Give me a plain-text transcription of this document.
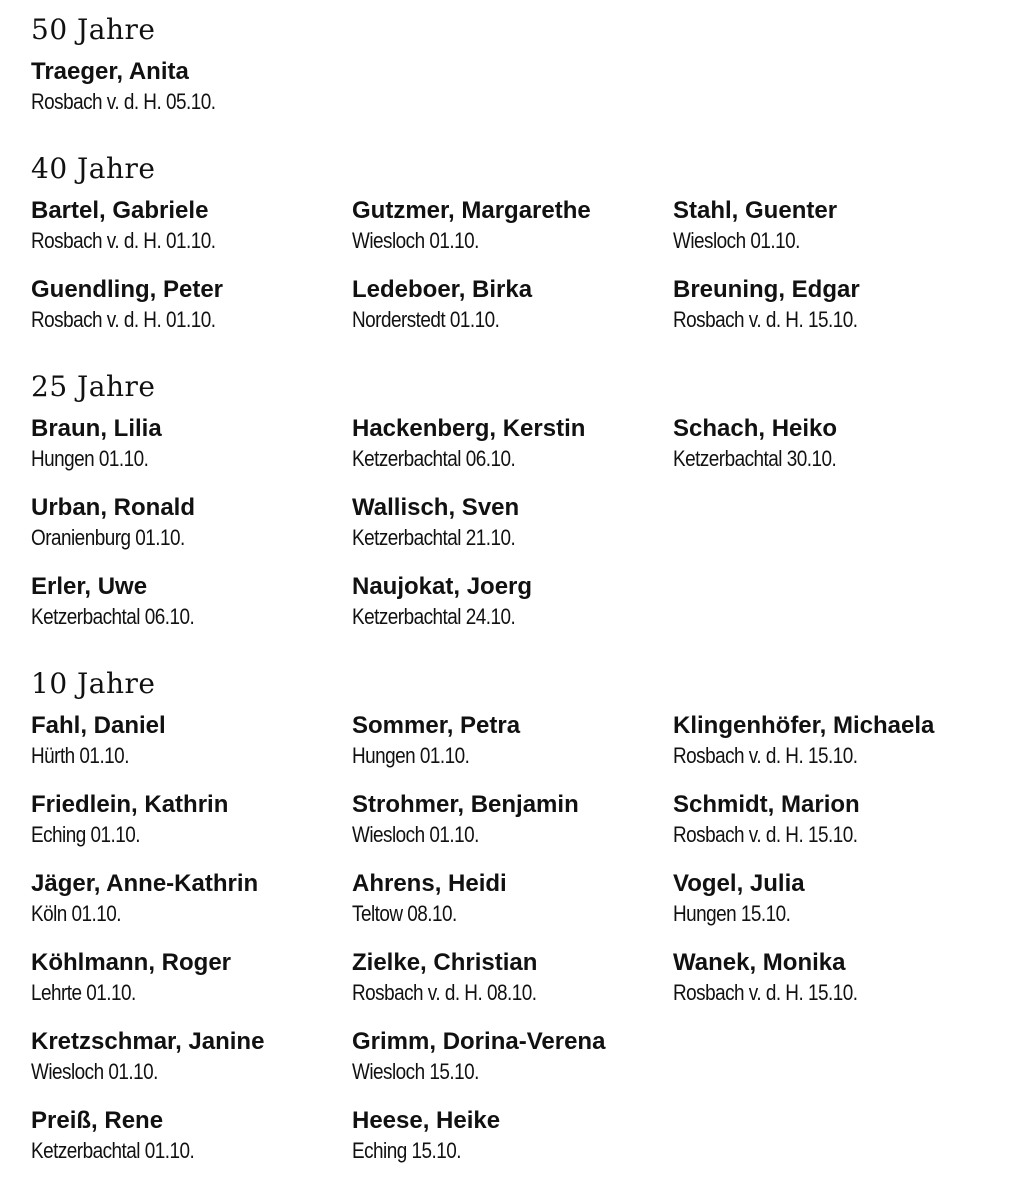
50 Jahre
Traeger, Anita
Rosbach v. d. H. 05.10.
40 Jahre
Bartel, Gabriele
Rosbach v. d. H. 01.10.
Gutzmer, Margarethe
Wiesloch 01.10.
Stahl, Guenter
Wiesloch 01.10.
Guendling, Peter
Rosbach v. d. H. 01.10.
Ledeboer, Birka
Norderstedt 01.10.
Breuning, Edgar
Rosbach v. d. H. 15.10.
25 Jahre
Braun, Lilia
Hungen 01.10.
Hackenberg, Kerstin
Ketzerbachtal 06.10.
Schach, Heiko
Ketzerbachtal 30.10.
Urban, Ronald
Oranienburg 01.10.
Wallisch, Sven
Ketzerbachtal 21.10.
Erler, Uwe
Ketzerbachtal 06.10.
Naujokat, Joerg
Ketzerbachtal 24.10.
10 Jahre
Fahl, Daniel
Hürth 01.10.
Sommer, Petra
Hungen 01.10.
Klingenhöfer, Michaela
Rosbach v. d. H. 15.10.
Friedlein, Kathrin
Eching 01.10.
Strohmer, Benjamin
Wiesloch 01.10.
Schmidt, Marion
Rosbach v. d. H. 15.10.
Jäger, Anne-Kathrin
Köln 01.10.
Ahrens, Heidi
Teltow 08.10.
Vogel, Julia
Hungen 15.10.
Köhlmann, Roger
Lehrte 01.10.
Zielke, Christian
Rosbach v. d. H. 08.10.
Wanek, Monika
Rosbach v. d. H. 15.10.
Kretzschmar, Janine
Wiesloch 01.10.
Grimm, Dorina-Verena
Wiesloch 15.10.
Preiß, Rene
Ketzerbachtal 01.10.
Heese, Heike
Eching 15.10.
